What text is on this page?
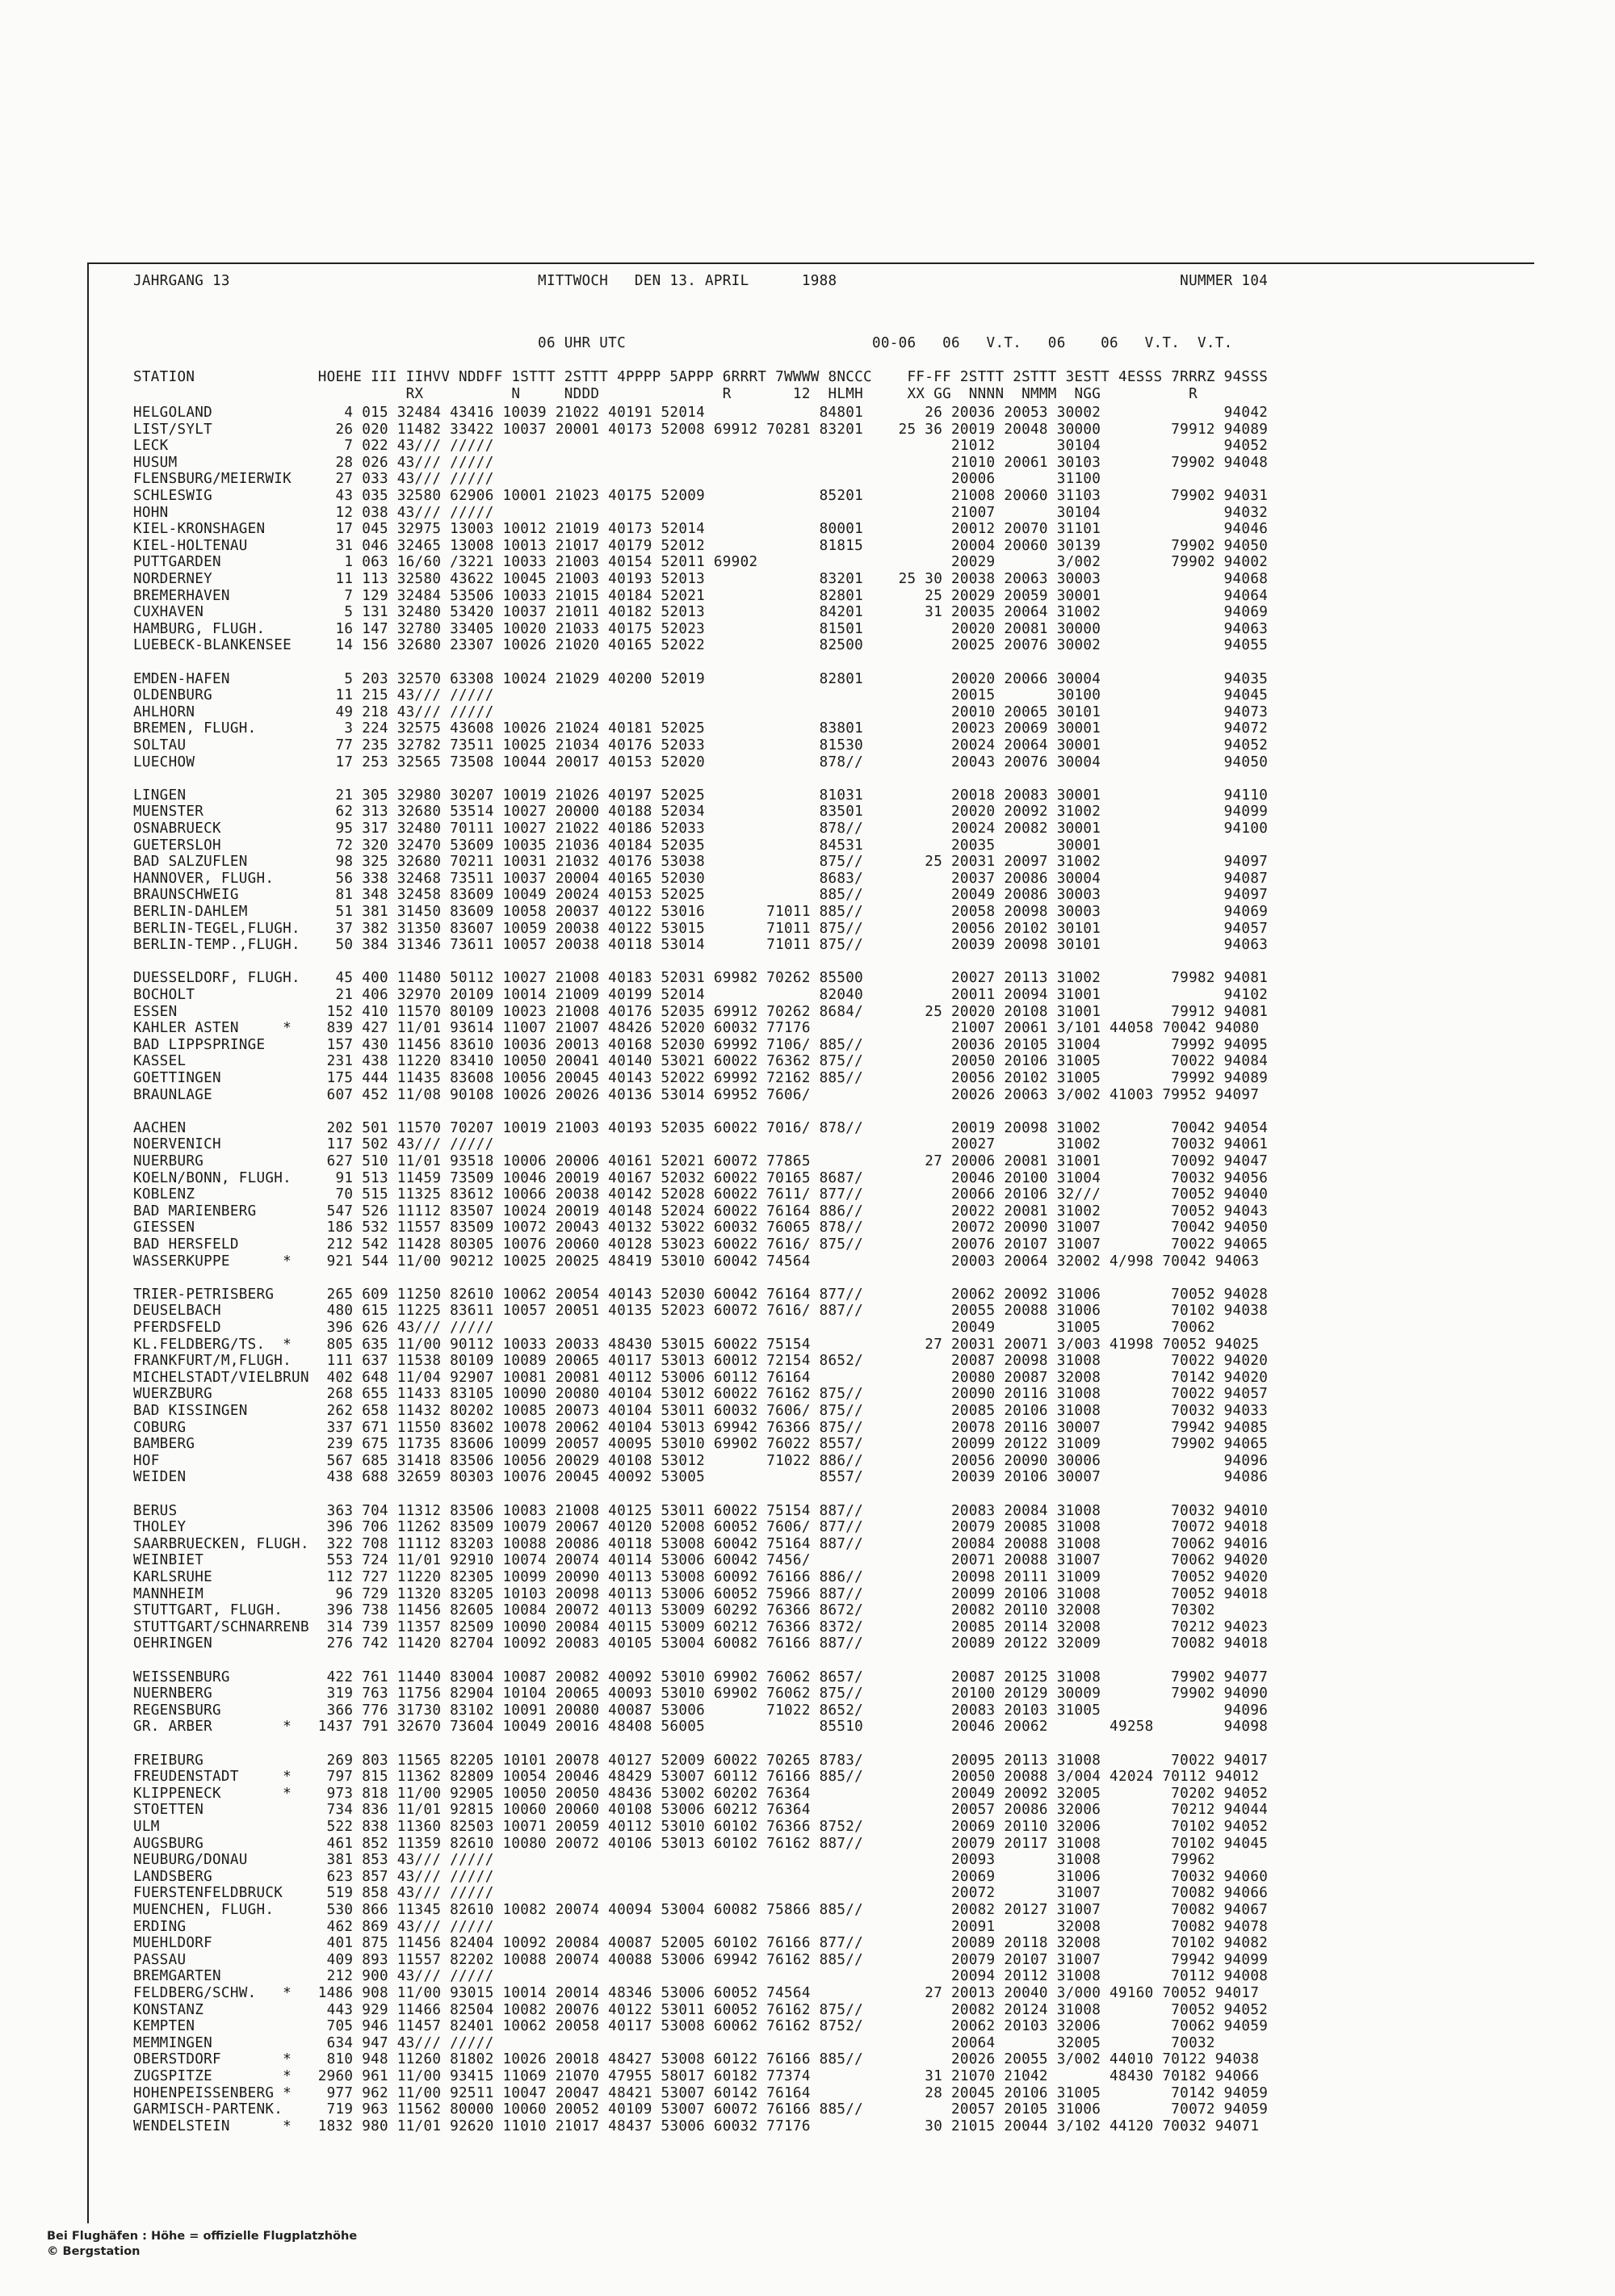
JAHRGANG 13                                   MITTWOCH   DEN 13. APRIL      1988                                       NUMMER 104
06 UHR UTC                            00-06   06   V.T.   06    06   V.T.  V.T.
STATION              HOEHE III IIHVV NDDFF 1STTT 2STTT 4PPPP 5APPP 6RRRT 7WWWW 8NCCC    FF-FF 2STTT 2STTT 3ESTT 4ESSS 7RRRZ 94SSS
RX          N     NDDD              R       12  HLMH     XX GG  NNNN  NMMM  NGG          R
HELGOLAND               4 015 32484 43416 10039 21022 40191 52014             84801       26 20036 20053 30002              94042
LIST/SYLT              26 020 11482 33422 10037 20001 40173 52008 69912 70281 83201    25 36 20019 20048 30000        79912 94089
LECK                    7 022 43/// /////                                                    21012       30104              94052
HUSUM                  28 026 43/// /////                                                    21010 20061 30103        79902 94048
FLENSBURG/MEIERWIK     27 033 43/// /////                                                    20006       31100
SCHLESWIG              43 035 32580 62906 10001 21023 40175 52009             85201          21008 20060 31103        79902 94031
HOHN                   12 038 43/// /////                                                    21007       30104              94032
KIEL-KRONSHAGEN        17 045 32975 13003 10012 21019 40173 52014             80001          20012 20070 31101              94046
KIEL-HOLTENAU          31 046 32465 13008 10013 21017 40179 52012             81815          20004 20060 30139        79902 94050
PUTTGARDEN              1 063 16/60 /3221 10033 21003 40154 52011 69902                      20029       3/002        79902 94002
NORDERNEY              11 113 32580 43622 10045 21003 40193 52013             83201    25 30 20038 20063 30003              94068
BREMERHAVEN             7 129 32484 53506 10033 21015 40184 52021             82801       25 20029 20059 30001              94064
CUXHAVEN                5 131 32480 53420 10037 21011 40182 52013             84201       31 20035 20064 31002              94069
HAMBURG, FLUGH.        16 147 32780 33405 10020 21033 40175 52023             81501          20020 20081 30000              94063
LUEBECK-BLANKENSEE     14 156 32680 23307 10026 21020 40165 52022             82500          20025 20076 30002              94055
EMDEN-HAFEN             5 203 32570 63308 10024 21029 40200 52019             82801          20020 20066 30004              94035
OLDENBURG              11 215 43/// /////                                                    20015       30100              94045
AHLHORN                49 218 43/// /////                                                    20010 20065 30101              94073
BREMEN, FLUGH.          3 224 32575 43608 10026 21024 40181 52025             83801          20023 20069 30001              94072
SOLTAU                 77 235 32782 73511 10025 21034 40176 52033             81530          20024 20064 30001              94052
LUECHOW                17 253 32565 73508 10044 20017 40153 52020             878//          20043 20076 30004              94050
LINGEN                 21 305 32980 30207 10019 21026 40197 52025             81031          20018 20083 30001              94110
MUENSTER               62 313 32680 53514 10027 20000 40188 52034             83501          20020 20092 31002              94099
OSNABRUECK             95 317 32480 70111 10027 21022 40186 52033             878//          20024 20082 30001              94100
GUETERSLOH             72 320 32470 53609 10035 21036 40184 52035             84531          20035       30001
BAD SALZUFLEN          98 325 32680 70211 10031 21032 40176 53038             875//       25 20031 20097 31002              94097
HANNOVER, FLUGH.       56 338 32468 73511 10037 20004 40165 52030             8683/          20037 20086 30004              94087
BRAUNSCHWEIG           81 348 32458 83609 10049 20024 40153 52025             885//          20049 20086 30003              94097
BERLIN-DAHLEM          51 381 31450 83609 10058 20037 40122 53016       71011 885//          20058 20098 30003              94069
BERLIN-TEGEL,FLUGH.    37 382 31350 83607 10059 20038 40122 53015       71011 875//          20056 20102 30101              94057
BERLIN-TEMP.,FLUGH.    50 384 31346 73611 10057 20038 40118 53014       71011 875//          20039 20098 30101              94063
DUESSELDORF, FLUGH.    45 400 11480 50112 10027 21008 40183 52031 69982 70262 85500          20027 20113 31002        79982 94081
BOCHOLT                21 406 32970 20109 10014 21009 40199 52014             82040          20011 20094 31001              94102
ESSEN                 152 410 11570 80109 10023 21008 40176 52035 69912 70262 8684/       25 20020 20108 31001        79912 94081
KAHLER ASTEN     *    839 427 11/01 93614 11007 21007 48426 52020 60032 77176                21007 20061 3/101 44058 70042 94080
BAD LIPPSPRINGE       157 430 11456 83610 10036 20013 40168 52030 69992 7106/ 885//          20036 20105 31004        79992 94095
KASSEL                231 438 11220 83410 10050 20041 40140 53021 60022 76362 875//          20050 20106 31005        70022 94084
GOETTINGEN            175 444 11435 83608 10056 20045 40143 52022 69992 72162 885//          20056 20102 31005        79992 94089
BRAUNLAGE             607 452 11/08 90108 10026 20026 40136 53014 69952 7606/                20026 20063 3/002 41003 79952 94097
AACHEN                202 501 11570 70207 10019 21003 40193 52035 60022 7016/ 878//          20019 20098 31002        70042 94054
NOERVENICH            117 502 43/// /////                                                    20027       31002        70032 94061
NUERBURG              627 510 11/01 93518 10006 20006 40161 52021 60072 77865             27 20006 20081 31001        70092 94047
KOELN/BONN, FLUGH.     91 513 11459 73509 10046 20019 40167 52032 60022 70165 8687/          20046 20100 31004        70032 94056
KOBLENZ                70 515 11325 83612 10066 20038 40142 52028 60022 7611/ 877//          20066 20106 32///        70052 94040
BAD MARIENBERG        547 526 11112 83507 10024 20019 40148 52024 60022 76164 886//          20022 20081 31002        70052 94043
GIESSEN               186 532 11557 83509 10072 20043 40132 53022 60032 76065 878//          20072 20090 31007        70042 94050
BAD HERSFELD          212 542 11428 80305 10076 20060 40128 53023 60022 7616/ 875//          20076 20107 31007        70022 94065
WASSERKUPPE      *    921 544 11/00 90212 10025 20025 48419 53010 60042 74564                20003 20064 32002 4/998 70042 94063
TRIER-PETRISBERG      265 609 11250 82610 10062 20054 40143 52030 60042 76164 877//          20062 20092 31006        70052 94028
DEUSELBACH            480 615 11225 83611 10057 20051 40135 52023 60072 7616/ 887//          20055 20088 31006        70102 94038
PFERDSFELD            396 626 43/// /////                                                    20049       31005        70062
KL.FELDBERG/TS.  *    805 635 11/00 90112 10033 20033 48430 53015 60022 75154             27 20031 20071 3/003 41998 70052 94025
FRANKFURT/M,FLUGH.    111 637 11538 80109 10089 20065 40117 53013 60012 72154 8652/          20087 20098 31008        70022 94020
MICHELSTADT/VIELBRUN  402 648 11/04 92907 10081 20081 40112 53006 60112 76164                20080 20087 32008        70142 94020
WUERZBURG             268 655 11433 83105 10090 20080 40104 53012 60022 76162 875//          20090 20116 31008        70022 94057
BAD KISSINGEN         262 658 11432 80202 10085 20073 40104 53011 60032 7606/ 875//          20085 20106 31008        70032 94033
COBURG                337 671 11550 83602 10078 20062 40104 53013 69942 76366 875//          20078 20116 30007        79942 94085
BAMBERG               239 675 11735 83606 10099 20057 40095 53010 69902 76022 8557/          20099 20122 31009        79902 94065
HOF                   567 685 31418 83506 10056 20029 40108 53012       71022 886//          20056 20090 30006              94096
WEIDEN                438 688 32659 80303 10076 20045 40092 53005             8557/          20039 20106 30007              94086
BERUS                 363 704 11312 83506 10083 21008 40125 53011 60022 75154 887//          20083 20084 31008        70032 94010
THOLEY                396 706 11262 83509 10079 20067 40120 52008 60052 7606/ 877//          20079 20085 31008        70072 94018
SAARBRUECKEN, FLUGH.  322 708 11112 83203 10088 20086 40118 53008 60042 75164 887//          20084 20088 31008        70062 94016
WEINBIET              553 724 11/01 92910 10074 20074 40114 53006 60042 7456/                20071 20088 31007        70062 94020
KARLSRUHE             112 727 11220 82305 10099 20090 40113 53008 60092 76166 886//          20098 20111 31009        70052 94020
MANNHEIM               96 729 11320 83205 10103 20098 40113 53006 60052 75966 887//          20099 20106 31008        70052 94018
STUTTGART, FLUGH.     396 738 11456 82605 10084 20072 40113 53009 60292 76366 8672/          20082 20110 32008        70302
STUTTGART/SCHNARRENB  314 739 11357 82509 10090 20084 40115 53009 60212 76366 8372/          20085 20114 32008        70212 94023
OEHRINGEN             276 742 11420 82704 10092 20083 40105 53004 60082 76166 887//          20089 20122 32009        70082 94018
WEISSENBURG           422 761 11440 83004 10087 20082 40092 53010 69902 76062 8657/          20087 20125 31008        79902 94077
NUERNBERG             319 763 11756 82904 10104 20065 40093 53010 69902 76062 875//          20100 20129 30009        79902 94090
REGENSBURG            366 776 31730 83102 10091 20080 40087 53006       71022 8652/          20083 20103 31005              94096
GR. ARBER        *   1437 791 32670 73604 10049 20016 48408 56005             85510          20046 20062       49258        94098
FREIBURG              269 803 11565 82205 10101 20078 40127 52009 60022 70265 8783/          20095 20113 31008        70022 94017
FREUDENSTADT     *    797 815 11362 82809 10054 20046 48429 53007 60112 76166 885//          20050 20088 3/004 42024 70112 94012
KLIPPENECK       *    973 818 11/00 92905 10050 20050 48436 53002 60202 76364                20049 20092 32005        70202 94052
STOETTEN              734 836 11/01 92815 10060 20060 40108 53006 60212 76364                20057 20086 32006        70212 94044
ULM                   522 838 11360 82503 10071 20059 40112 53010 60102 76366 8752/          20069 20110 32006        70102 94052
AUGSBURG              461 852 11359 82610 10080 20072 40106 53013 60102 76162 887//          20079 20117 31008        70102 94045
NEUBURG/DONAU         381 853 43/// /////                                                    20093       31008        79962
LANDSBERG             623 857 43/// /////                                                    20069       31006        70032 94060
FUERSTENFELDBRUCK     519 858 43/// /////                                                    20072       31007        70082 94066
MUENCHEN, FLUGH.      530 866 11345 82610 10082 20074 40094 53004 60082 75866 885//          20082 20127 31007        70082 94067
ERDING                462 869 43/// /////                                                    20091       32008        70082 94078
MUEHLDORF             401 875 11456 82404 10092 20084 40087 52005 60102 76166 877//          20089 20118 32008        70102 94082
PASSAU                409 893 11557 82202 10088 20074 40088 53006 69942 76162 885//          20079 20107 31007        79942 94099
BREMGARTEN            212 900 43/// /////                                                    20094 20112 31008        70112 94008
FELDBERG/SCHW.   *   1486 908 11/00 93015 10014 20014 48346 53006 60052 74564             27 20013 20040 3/000 49160 70052 94017
KONSTANZ              443 929 11466 82504 10082 20076 40122 53011 60052 76162 875//          20082 20124 31008        70052 94052
KEMPTEN               705 946 11457 82401 10062 20058 40117 53008 60062 76162 8752/          20062 20103 32006        70062 94059
MEMMINGEN             634 947 43/// /////                                                    20064       32005        70032
OBERSTDORF       *    810 948 11260 81802 10026 20018 48427 53008 60122 76166 885//          20026 20055 3/002 44010 70122 94038
ZUGSPITZE        *   2960 961 11/00 93415 11069 21070 47955 58017 60182 77374             31 21070 21042       48430 70182 94066
HOHENPEISSENBERG *    977 962 11/00 92511 10047 20047 48421 53007 60142 76164             28 20045 20106 31005        70142 94059
GARMISCH-PARTENK.     719 963 11562 80000 10060 20052 40109 53007 60072 76166 885//          20057 20105 31006        70072 94059
WENDELSTEIN      *   1832 980 11/01 92620 11010 21017 48437 53006 60032 77176             30 21015 20044 3/102 44120 70032 94071
Bei Flughäfen : Höhe = offizielle Flugplatzhöhe
© Bergstation
